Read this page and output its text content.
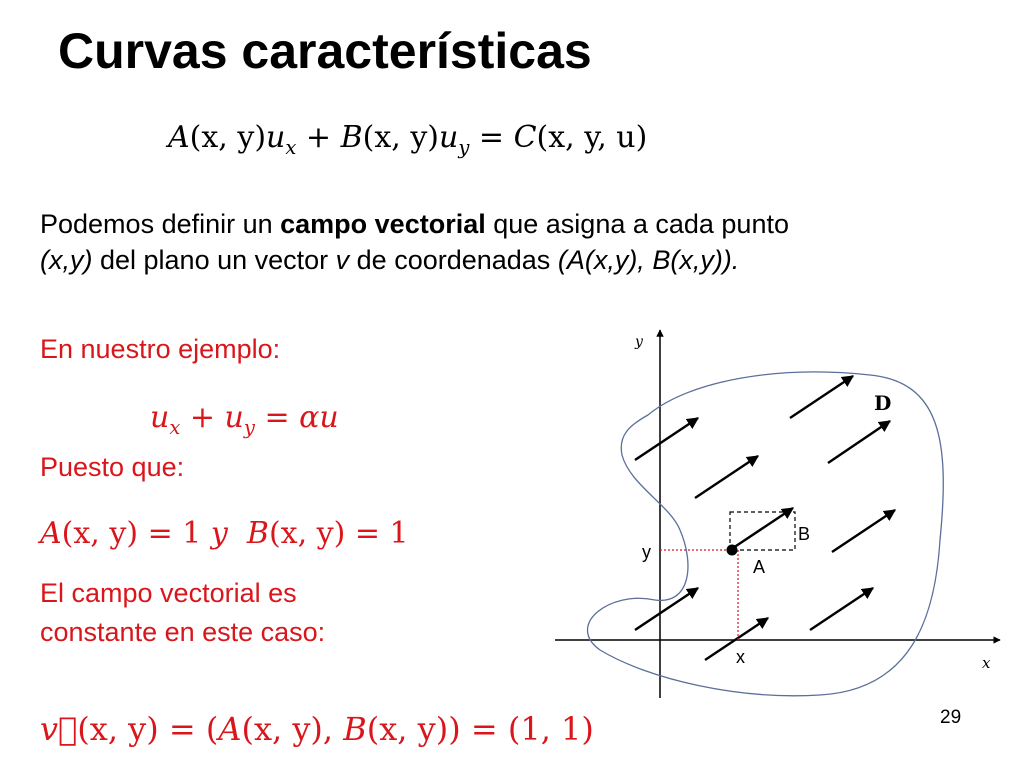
Curvas características
A(x, $y)u_x + B(x$, $y)u_y = C(x$, y, u)
Podemos definir un campo vectorial que asigna a cada punto
(x,y) del plano un vector v de coordenadas (A(x,y), B(x,y)).
En nuestro ejemplo:
$u_x + u_y = \alpha u$
Puesto que:
A(x, y) = 1 y  B(x, y) = 1
El campo vectorial es
constante en este caso:
v(x, y) = (A(x, y), B(x, y)) = (1, 1)	29
y
x
D
y
x
A
B
